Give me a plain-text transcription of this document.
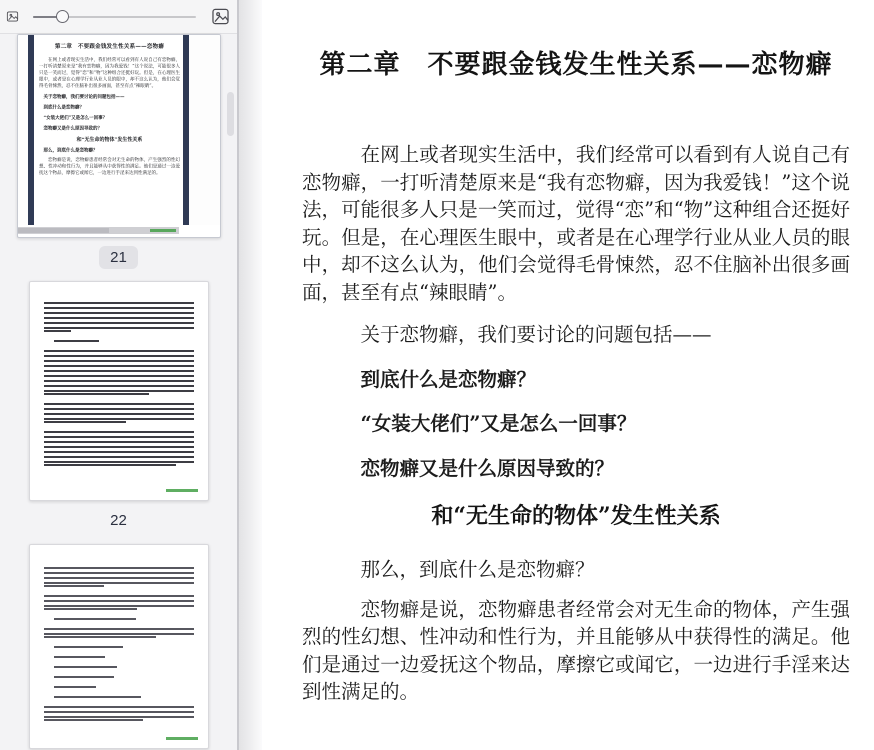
第二章　不要跟金钱发生性关系——恋物癖
在网上或者现实生活中，我们经常可以看到有人说自己有恋物癖，一打听清楚原来是“我有恋物癖，因为我爱钱！”这个说法，可能很多人只是一笑而过，觉得“恋”和“物”这种组合还挺好玩。但是，在心理医生眼中，或者是在心理学行业从业人员的眼中，却不这么认为，他们会觉得毛骨悚然，忍不住脑补出很多画面，甚至有点“辣眼睛”。
关于恋物癖，我们要讨论的问题包括——
到底什么是恋物癖？
“女装大佬们”又是怎么一回事？
恋物癖又是什么原因导致的？
和“无生命的物体”发生性关系
那么，到底什么是恋物癖？
恋物癖是说，恋物癖患者经常会对无生命的物体，产生强烈的性幻想、性冲动和性行为，并且能够从中获得性的满足。他们是通过一边爱抚这个物品，摩擦它或闻它，一边进行手淫来达到性满足的。
21
22
第二章　不要跟金钱发生性关系——恋物癖

在网上或者现实生活中，我们经常可以看到有人说自己有恋物癖，一打听清楚原来是“我有恋物癖，因为我爱钱！”这个说法，可能很多人只是一笑而过，觉得“恋”和“物”这种组合还挺好玩。但是，在心理医生眼中，或者是在心理学行业从业人员的眼中，却不这么认为，他们会觉得毛骨悚然，忍不住脑补出很多画面，甚至有点“辣眼睛”。

关于恋物癖，我们要讨论的问题包括——

到底什么是恋物癖？

“女装大佬们”又是怎么一回事？

恋物癖又是什么原因导致的？

和“无生命的物体”发生性关系

那么，到底什么是恋物癖？

恋物癖是说，恋物癖患者经常会对无生命的物体，产生强烈的性幻想、性冲动和性行为，并且能够从中获得性的满足。他们是通过一边爱抚这个物品，摩擦它或闻它，一边进行手淫来达到性满足的。
